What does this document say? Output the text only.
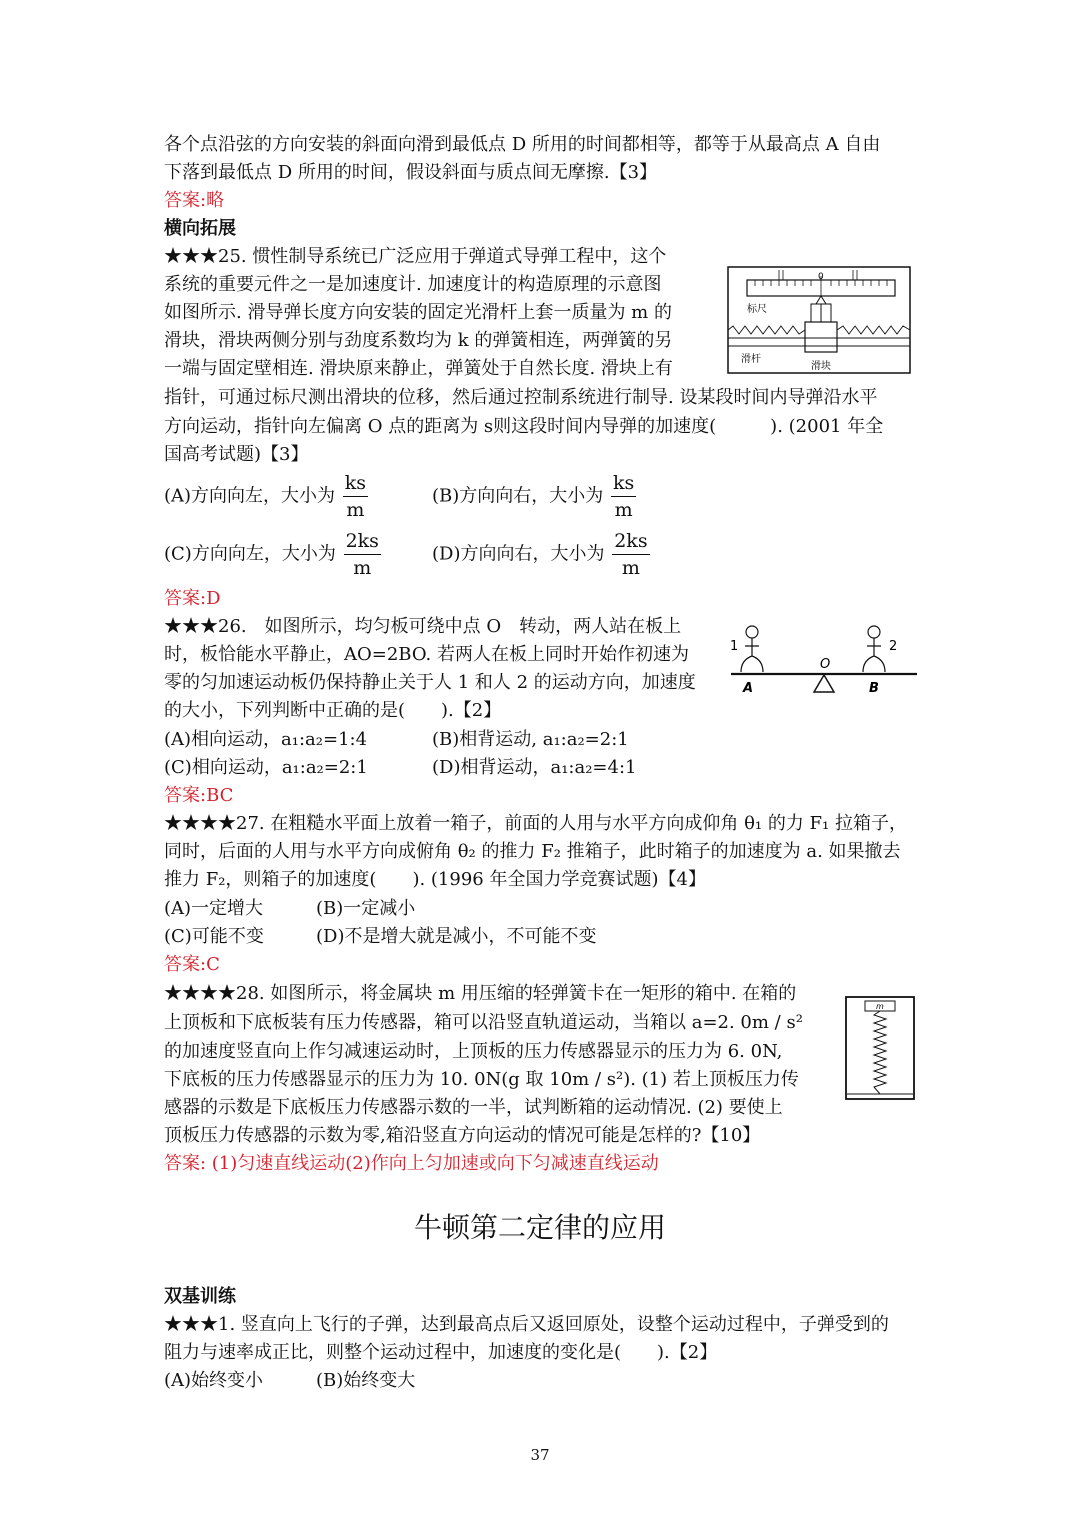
各个点沿弦的方向安装的斜面向滑到最低点 D 所用的时间都相等，都等于从最高点 A 自由
下落到最低点 D 所用的时间，假设斜面与质点间无摩擦.【3】
答案:略
横向拓展
★★★25. 惯性制导系统已广泛应用于弹道式导弹工程中，这个
系统的重要元件之一是加速度计. 加速度计的构造原理的示意图
如图所示. 滑导弹长度方向安装的固定光滑杆上套一质量为 m 的
滑块，滑块两侧分别与劲度系数均为 k 的弹簧相连，两弹簧的另
一端与固定壁相连. 滑块原来静止，弹簧处于自然长度. 滑块上有
指针，可通过标尺测出滑块的位移，然后通过控制系统进行制导. 设某段时间内导弹沿水平
方向运动，指针向左偏离 O 点的距离为 s则这段时间内导弹的加速度(　　　). (2001 年全
国高考试题)【3】
0
标尺
滑杆
滑块
(A)方向向左，大小为 $\frac{ks}{m}$	(B)方向向右，大小为 $\frac{ks}{m}$
(C)方向向左，大小为 $\frac{2ks}{m}$	(D)方向向右，大小为 $\frac{2ks}{m}$
答案:D
★★★26.　如图所示，均匀板可绕中点 O　转动，两人站在板上
时，板恰能水平静止，AO=2BO. 若两人在板上同时开始作初速为
零的匀加速运动板仍保持静止关于人 1 和人 2 的运动方向，加速度
的大小，下列判断中正确的是(　　).【2】
1	2
O
A	B
(A)相向运动，a₁:a₂=1:4	(B)相背运动, a₁:a₂=2:1
(C)相向运动，a₁:a₂=2:1	(D)相背运动，a₁:a₂=4:1
答案:BC
★★★★27. 在粗糙水平面上放着一箱子，前面的人用与水平方向成仰角 θ₁ 的力 F₁ 拉箱子，
同时，后面的人用与水平方向成俯角 θ₂ 的推力 F₂ 推箱子，此时箱子的加速度为 a. 如果撤去
推力 F₂，则箱子的加速度(　　). (1996 年全国力学竞赛试题)【4】
(A)一定增大	(B)一定减小
(C)可能不变	(D)不是增大就是减小，不可能不变
答案:C
★★★★28. 如图所示，将金属块 m 用压缩的轻弹簧卡在一矩形的箱中. 在箱的
上顶板和下底板装有压力传感器，箱可以沿竖直轨道运动，当箱以 a=2. 0m / s²
的加速度竖直向上作匀减速运动时，上顶板的压力传感器显示的压力为 6. 0N,
下底板的压力传感器显示的压力为 10. 0N(g 取 10m / s²). (1) 若上顶板压力传
感器的示数是下底板压力传感器示数的一半，试判断箱的运动情况. (2) 要使上
顶板压力传感器的示数为零,箱沿竖直方向运动的情况可能是怎样的?【10】
答案: (1)匀速直线运动(2)作向上匀加速或向下匀减速直线运动
m
牛顿第二定律的应用
双基训练
★★★1. 竖直向上飞行的子弹，达到最高点后又返回原处，设整个运动过程中，子弹受到的
阻力与速率成正比，则整个运动过程中，加速度的变化是(　　).【2】
(A)始终变小	(B)始终变大
37
